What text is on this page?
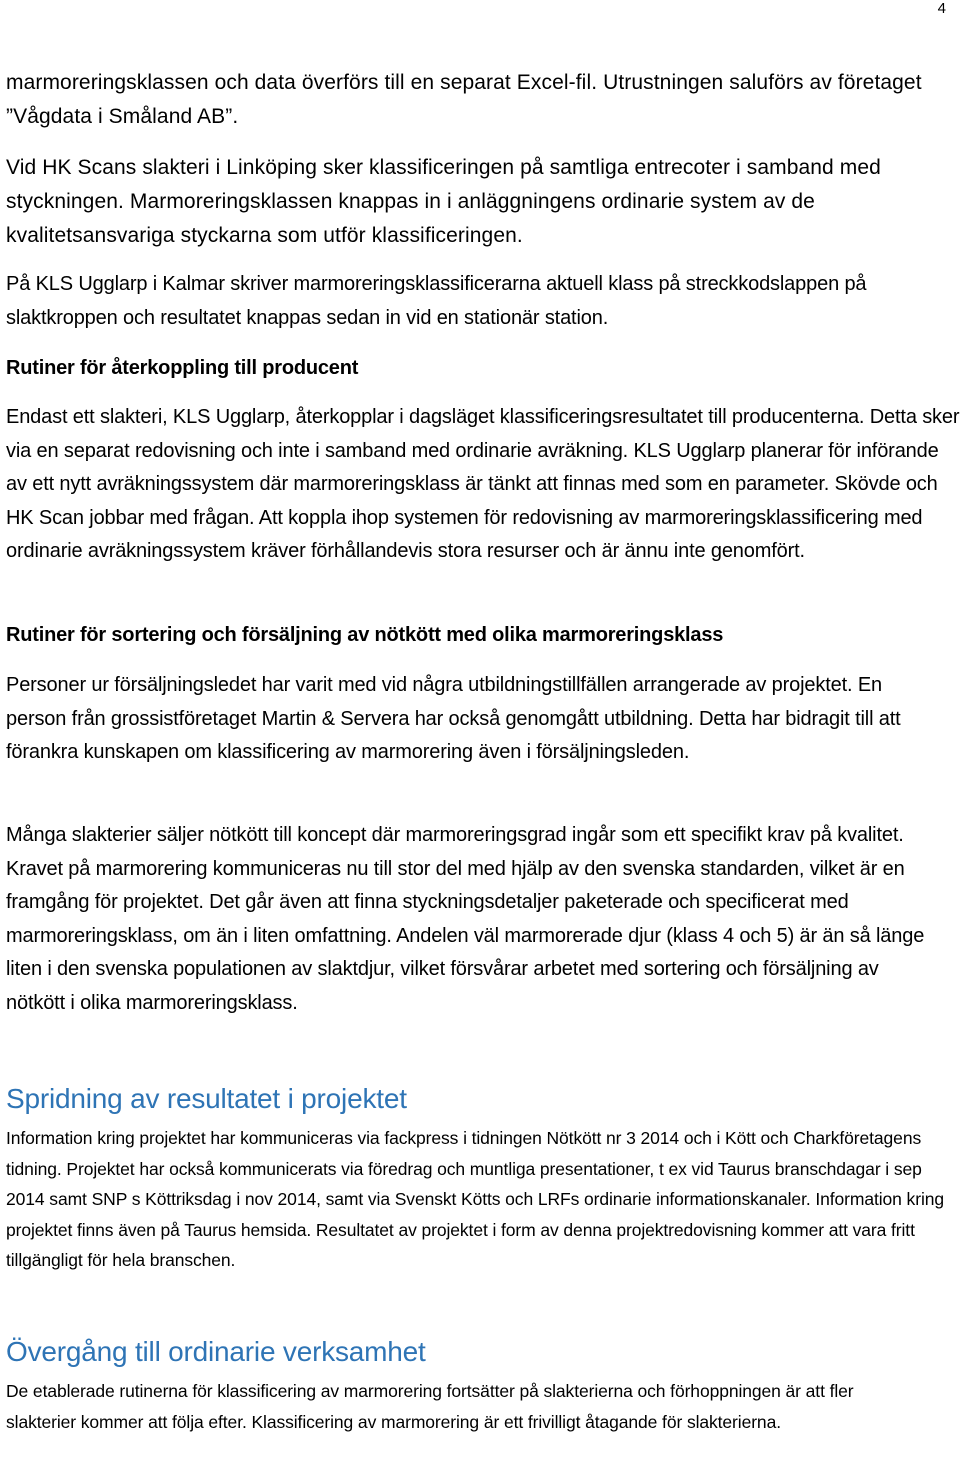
4

marmoreringsklassen och data överförs till en separat Excel-fil. Utrustningen saluförs av företaget ”Vågdata i Småland AB”.

Vid HK Scans slakteri i Linköping sker klassificeringen på samtliga entrecoter i samband med styckningen. Marmoreringsklassen knappas in i anläggningens ordinarie system av de kvalitetsansvariga styckarna som utför klassificeringen.

På KLS Ugglarp i Kalmar skriver marmoreringsklassificerarna aktuell klass på streckkodslappen på slaktkroppen och resultatet knappas sedan in vid en stationär station.

Rutiner för återkoppling till producent

Endast ett slakteri, KLS Ugglarp, återkopplar i dagsläget klassificeringsresultatet till producenterna. Detta sker via en separat redovisning och inte i samband med ordinarie avräkning. KLS Ugglarp planerar för införande av ett nytt avräkningssystem där marmoreringsklass är tänkt att finnas med som en parameter. Skövde och HK Scan jobbar med frågan. Att koppla ihop systemen för redovisning av marmoreringsklassificering med ordinarie avräkningssystem kräver förhållandevis stora resurser och är ännu inte genomfört.

Rutiner för sortering och försäljning av nötkött med olika marmoreringsklass

Personer ur försäljningsledet har varit med vid några utbildningstillfällen arrangerade av projektet. En person från grossistföretaget Martin & Servera har också genomgått utbildning. Detta har bidragit till att förankra kunskapen om klassificering av marmorering även i försäljningsleden.

Många slakterier säljer nötkött till koncept där marmoreringsgrad ingår som ett specifikt krav på kvalitet. Kravet på marmorering kommuniceras nu till stor del med hjälp av den svenska standarden, vilket är en framgång för projektet. Det går även att finna styckningsdetaljer paketerade och specificerat med marmoreringsklass, om än i liten omfattning. Andelen väl marmorerade djur (klass 4 och 5) är än så länge liten i den svenska populationen av slaktdjur, vilket försvårar arbetet med sortering och försäljning av nötkött i olika marmoreringsklass.

Spridning av resultatet i projektet

Information kring projektet har kommuniceras via fackpress i tidningen Nötkött nr 3 2014 och i Kött och Charkföretagens tidning. Projektet har också kommunicerats via föredrag och muntliga presentationer, t ex vid Taurus branschdagar i sep 2014 samt SNP s Köttriksdag i nov 2014, samt via Svenskt Kötts och LRFs ordinarie informationskanaler. Information kring projektet finns även på Taurus hemsida. Resultatet av projektet i form av denna projektredovisning kommer att vara fritt tillgängligt för hela branschen.

Övergång till ordinarie verksamhet

De etablerade rutinerna för klassificering av marmorering fortsätter på slakterierna och förhoppningen är att fler slakterier kommer att följa efter. Klassificering av marmorering är ett frivilligt åtagande för slakterierna.
